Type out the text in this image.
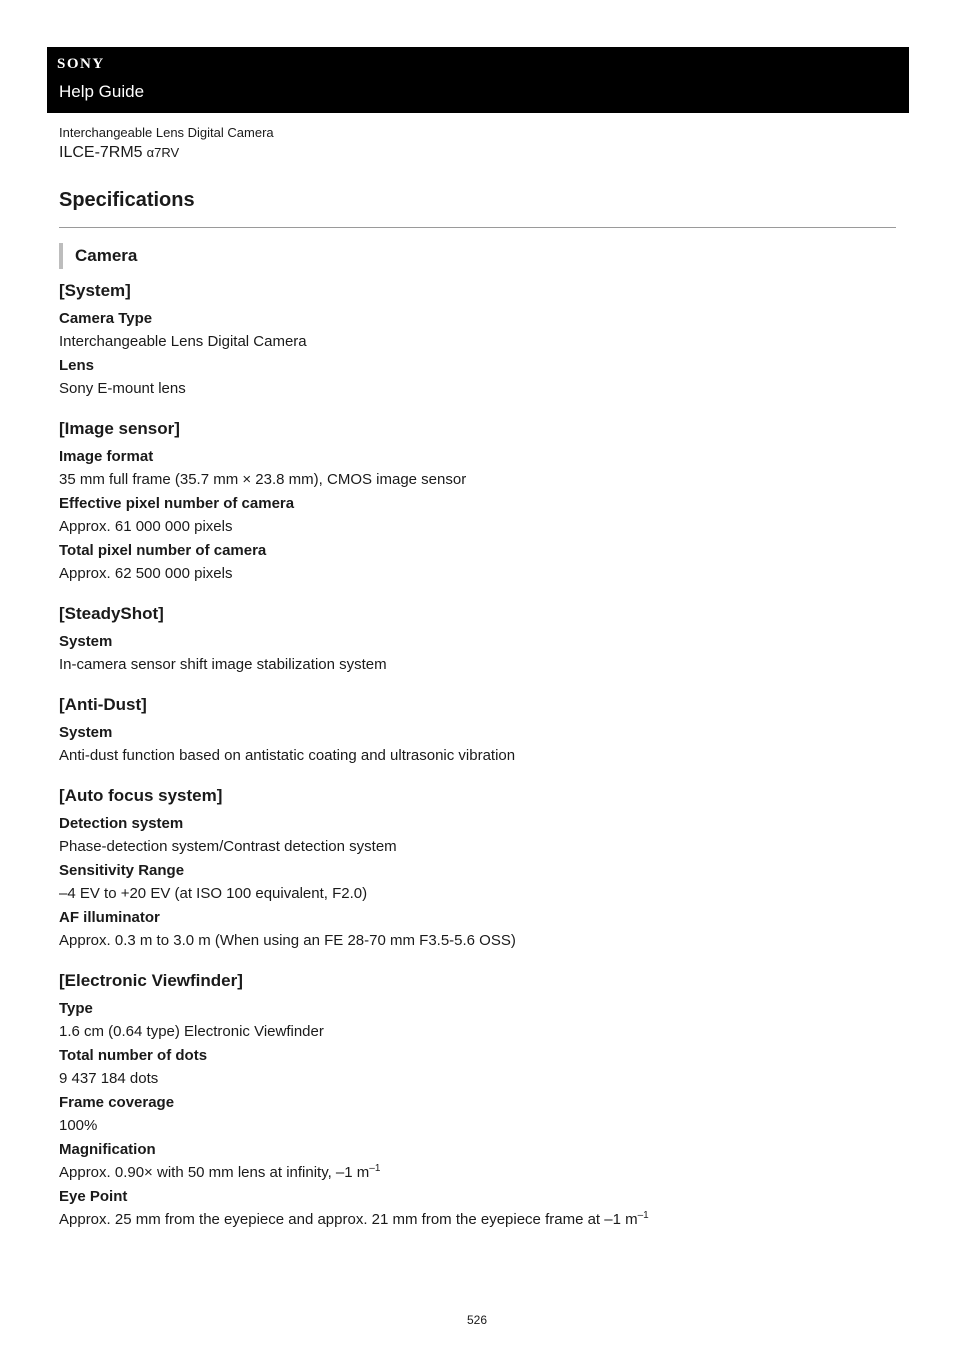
SONY
Help Guide
Interchangeable Lens Digital Camera
ILCE-7RM5 α7RV
Specifications
Camera
[System]
Camera Type
Interchangeable Lens Digital Camera
Lens
Sony E-mount lens
[Image sensor]
Image format
35 mm full frame (35.7 mm × 23.8 mm), CMOS image sensor
Effective pixel number of camera
Approx. 61 000 000 pixels
Total pixel number of camera
Approx. 62 500 000 pixels
[SteadyShot]
System
In-camera sensor shift image stabilization system
[Anti-Dust]
System
Anti-dust function based on antistatic coating and ultrasonic vibration
[Auto focus system]
Detection system
Phase-detection system/Contrast detection system
Sensitivity Range
–4 EV to +20 EV (at ISO 100 equivalent, F2.0)
AF illuminator
Approx. 0.3 m to 3.0 m (When using an FE 28-70 mm F3.5-5.6 OSS)
[Electronic Viewfinder]
Type
1.6 cm (0.64 type) Electronic Viewfinder
Total number of dots
9 437 184 dots
Frame coverage
100%
Magnification
Approx. 0.90× with 50 mm lens at infinity, –1 $m^{-1}$
Eye Point
Approx. 25 mm from the eyepiece and approx. 21 mm from the eyepiece frame at –1 $m^{-1}$
526
